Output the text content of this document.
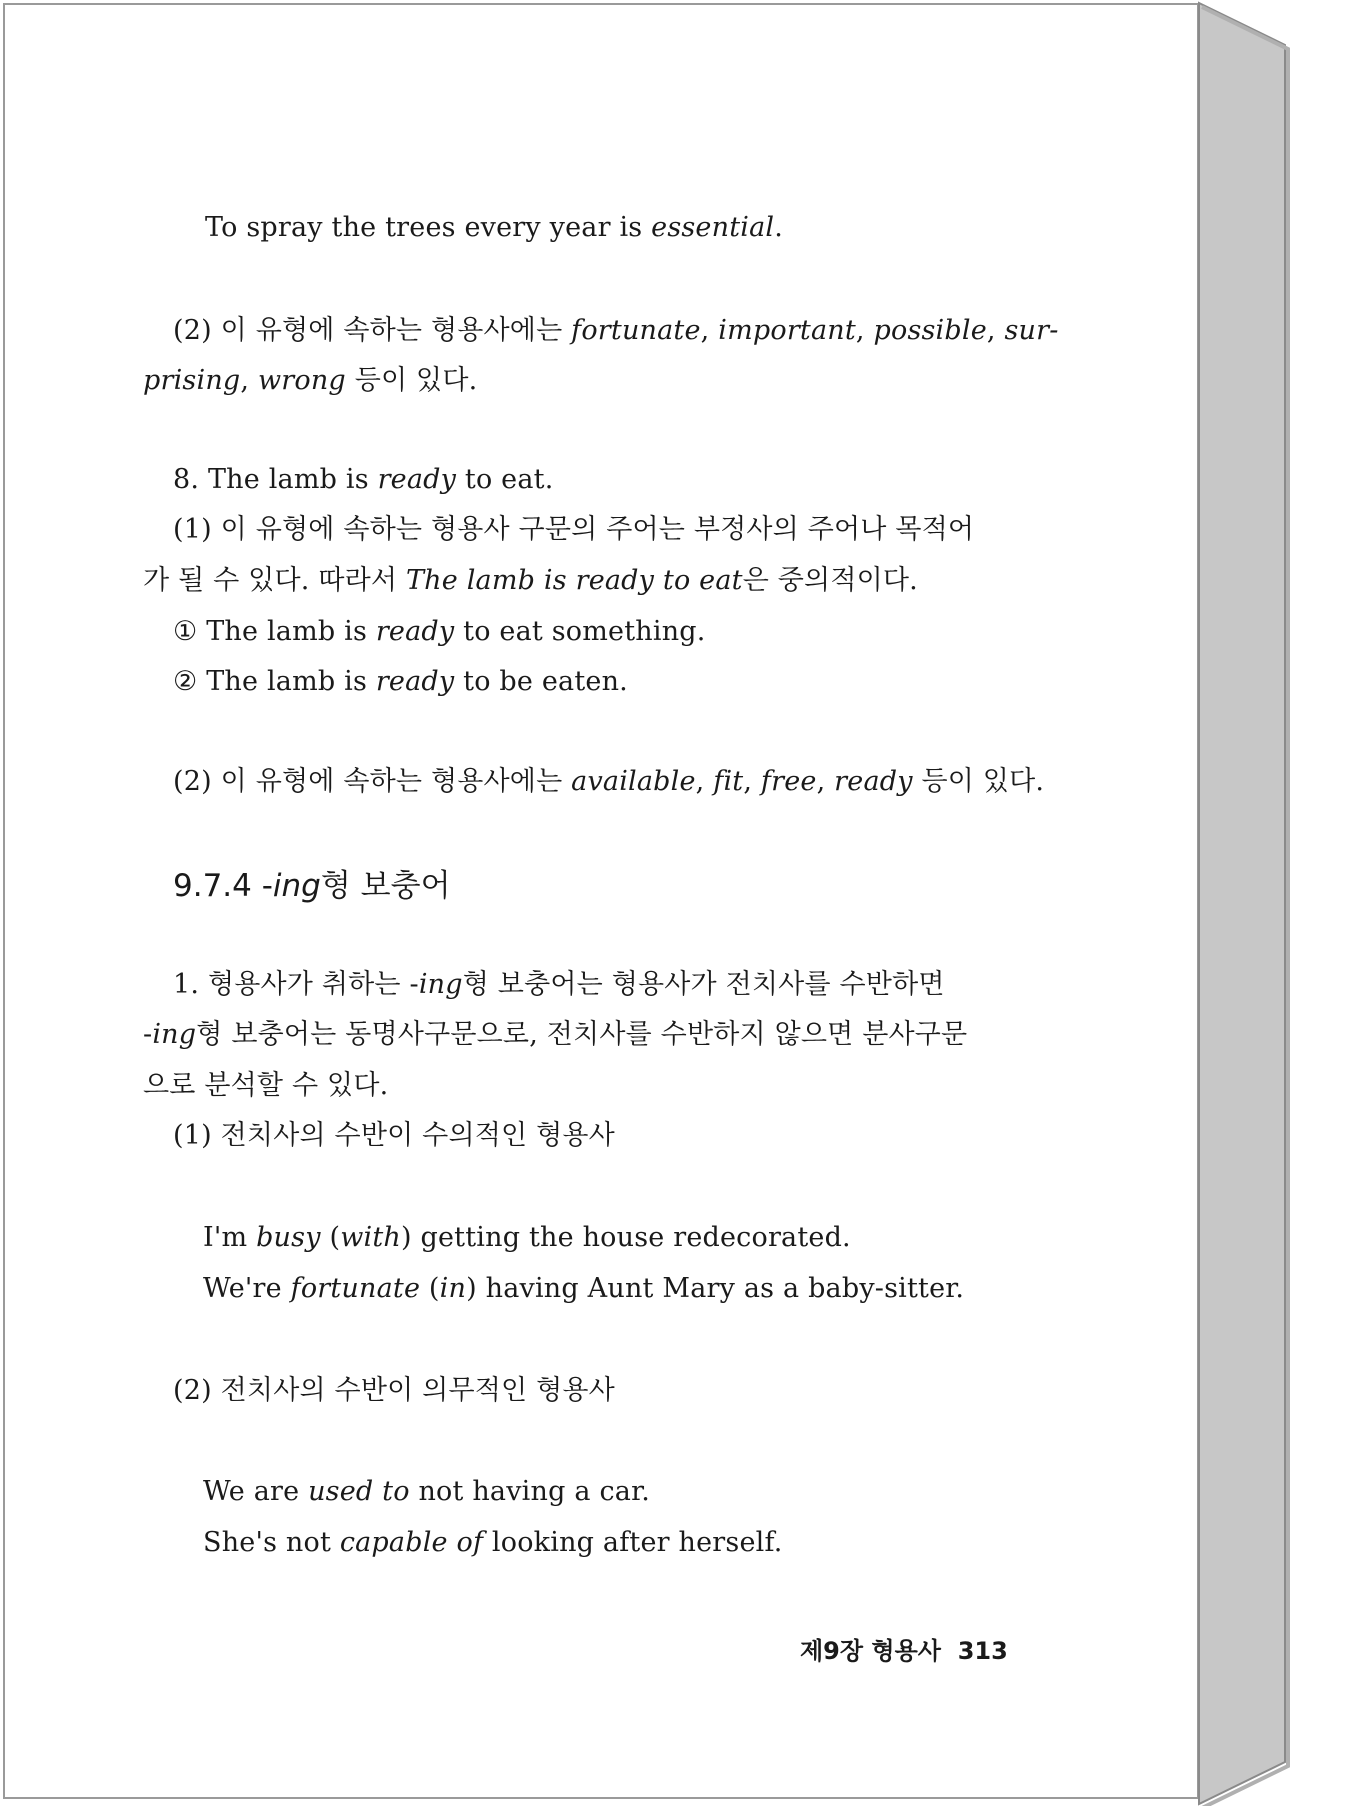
To spray the trees every year is essential.
(2) 이 유형에 속하는 형용사에는 fortunate, important, possible, sur-
prising, wrong 등이 있다.
8. The lamb is ready to eat.
(1) 이 유형에 속하는 형용사 구문의 주어는 부정사의 주어나 목적어
가 될 수 있다. 따라서 The lamb is ready to eat은 중의적이다.
① The lamb is ready to eat something.
② The lamb is ready to be eaten.
(2) 이 유형에 속하는 형용사에는 available, fit, free, ready 등이 있다.
9.7.4 -ing형 보충어
1. 형용사가 취하는 -ing형 보충어는 형용사가 전치사를 수반하면
-ing형 보충어는 동명사구문으로, 전치사를 수반하지 않으면 분사구문
으로 분석할 수 있다.
(1) 전치사의 수반이 수의적인 형용사
I'm busy (with) getting the house redecorated.
We're fortunate (in) having Aunt Mary as a baby-sitter.
(2) 전치사의 수반이 의무적인 형용사
We are used to not having a car.
She's not capable of looking after herself.
제9장 형용사 313
